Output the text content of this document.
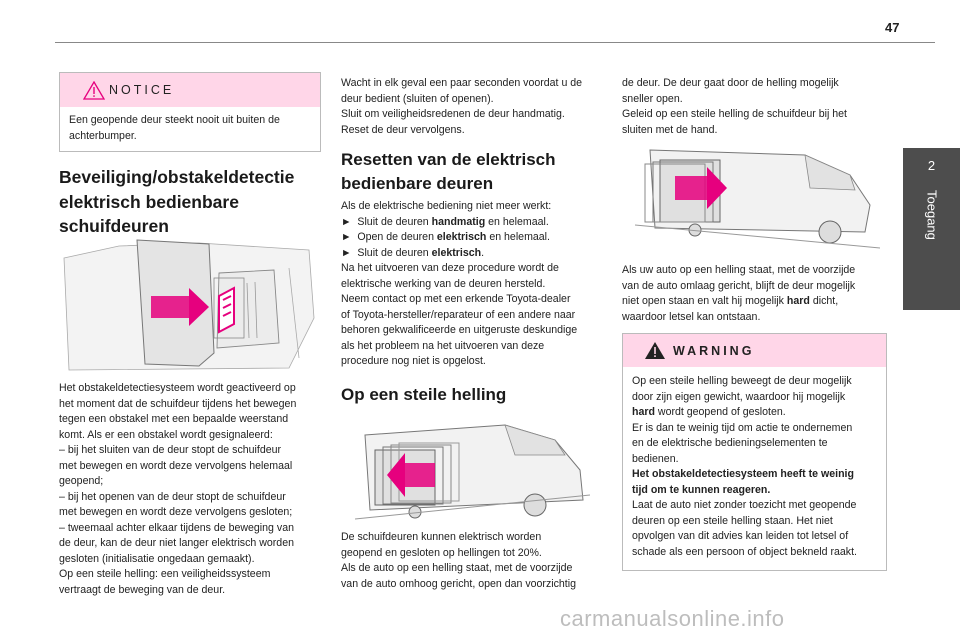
47
2
Toegang
NOTICE
Een geopende deur steekt nooit uit buiten de achterbumper.
Beveiliging/obstakeldetectie
elektrisch bedienbare
schuifdeuren

Het obstakeldetectiesysteem wordt geactiveerd op

het moment dat de schuifdeur tijdens het bewegen

tegen een obstakel met een bepaalde weerstand

komt. Als er een obstakel wordt gesignaleerd:

– bij het sluiten van de deur stopt de schuifdeur

met bewegen en wordt deze vervolgens helemaal

geopend;

– bij het openen van de deur stopt de schuifdeur

met bewegen en wordt deze vervolgens gesloten;

– tweemaal achter elkaar tijdens de beweging van

de deur, kan de deur niet langer elektrisch worden

gesloten (initialisatie ongedaan gemaakt).

Op een steile helling: een veiligheidssysteem

vertraagt de beweging van de deur.

Wacht in elk geval een paar seconden voordat u de

deur bedient (sluiten of openen).

Sluit om veiligheidsredenen de deur handmatig.

Reset de deur vervolgens.

Resetten van de elektrisch
bedienbare deuren

Als de elektrische bediening niet meer werkt:

► Sluit de deuren handmatig en helemaal.

► Open de deuren elektrisch en helemaal.

► Sluit de deuren elektrisch.

Na het uitvoeren van deze procedure wordt de

elektrische werking van de deuren hersteld.

Neem contact op met een erkende Toyota-dealer

of Toyota-hersteller/reparateur of een andere naar

behoren gekwalificeerde en uitgeruste deskundige

als het probleem na het uitvoeren van deze

procedure nog niet is opgelost.

Op een steile helling

De schuifdeuren kunnen elektrisch worden

geopend en gesloten op hellingen tot 20%.

Als de auto op een helling staat, met de voorzijde

van de auto omhoog gericht, open dan voorzichtig

de deur. De deur gaat door de helling mogelijk

sneller open.

Geleid op een steile helling de schuifdeur bij het

sluiten met de hand.

Als uw auto op een helling staat, met de voorzijde

van de auto omlaag gericht, blijft de deur mogelijk

niet open staan en valt hij mogelijk hard dicht,

waardoor letsel kan ontstaan.

WARNING

Op een steile helling beweegt de deur mogelijk

door zijn eigen gewicht, waardoor hij mogelijk

hard wordt geopend of gesloten.

Er is dan te weinig tijd om actie te ondernemen

en de elektrische bedieningselementen te

bedienen.

Het obstakeldetectiesysteem heeft te weinig

tijd om te kunnen reageren.

Laat de auto niet zonder toezicht met geopende

deuren op een steile helling staan. Het niet

opvolgen van dit advies kan leiden tot letsel of

schade als een persoon of object bekneld raakt.

carmanualsonline.info
